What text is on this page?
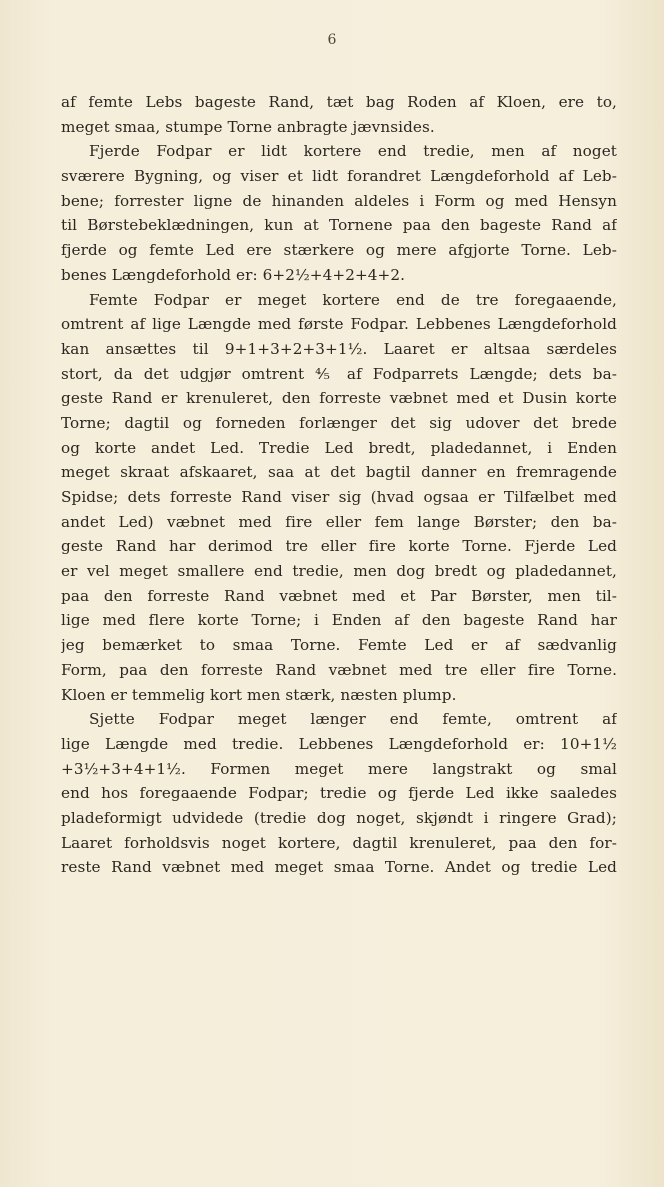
6
af femte Lebs bageste Rand, tæt bag Roden af Kloen, ere to,
meget smaa, stumpe Torne anbragte jævnsides.
Fjerde Fodpar er lidt kortere end tredie, men af noget
sværere Bygning, og viser et lidt forandret Længdeforhold af Leb-
bene; forrester ligne de hinanden aldeles i Form og med Hensyn
til Børstebeklædningen, kun at Tornene paa den bageste Rand af
fjerde og femte Led ere stærkere og mere afgjorte Torne. Leb-
benes Længdeforhold er: 6+2½+4+2+4+2.
Femte Fodpar er meget kortere end de tre foregaaende,
omtrent af lige Længde med første Fodpar. Lebbenes Længdeforhold
kan ansættes til 9+1+3+2+3+1½. Laaret er altsaa særdeles
stort, da det udgjør omtrent ⅘ af Fodparrets Længde; dets ba-
geste Rand er krenuleret, den forreste væbnet med et Dusin korte
Torne; dagtil og forneden forlænger det sig udover det brede
og korte andet Led. Tredie Led bredt, pladedannet, i Enden
meget skraat afskaaret, saa at det bagtil danner en fremragende
Spidse; dets forreste Rand viser sig (hvad ogsaa er Tilfælbet med
andet Led) væbnet med fire eller fem lange Børster; den ba-
geste Rand har derimod tre eller fire korte Torne. Fjerde Led
er vel meget smallere end tredie, men dog bredt og pladedannet,
paa den forreste Rand væbnet med et Par Børster, men til-
lige med flere korte Torne; i Enden af den bageste Rand har
jeg bemærket to smaa Torne. Femte Led er af sædvanlig
Form, paa den forreste Rand væbnet med tre eller fire Torne.
Kloen er temmelig kort men stærk, næsten plump.
Sjette Fodpar meget længer end femte, omtrent af
lige Længde med tredie. Lebbenes Længdeforhold er: 10+1½
+3½+3+4+1½. Formen meget mere langstrakt og smal
end hos foregaaende Fodpar; tredie og fjerde Led ikke saaledes
pladeformigt udvidede (tredie dog noget, skjøndt i ringere Grad);
Laaret forholdsvis noget kortere, dagtil krenuleret, paa den for-
reste Rand væbnet med meget smaa Torne. Andet og tredie Led
